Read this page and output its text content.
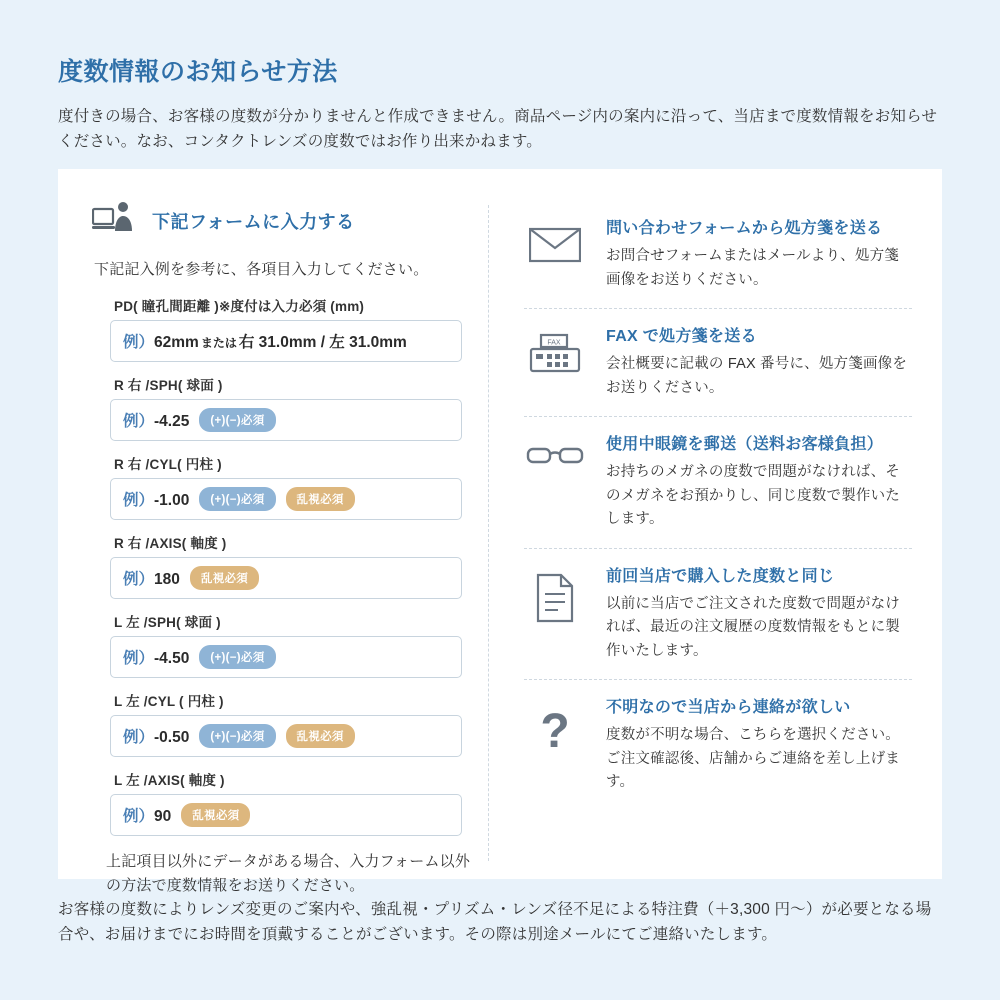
度数情報のお知らせ方法

度付きの場合、お客様の度数が分かりませんと作成できません。商品ページ内の案内に沿って、当店まで度数情報をお知らせください。なお、コンタクトレンズの度数ではお作り出来かねます。

下記フォームに入力する
下記記入例を参考に、各項目入力してください。
PD( 瞳孔間距離 )※度付は入力必須 (mm)
例）62mm または 右 31.0mm / 左 31.0mm
R 右 /SPH( 球面 )
例）-4.25	(+)(−)必須
R 右 /CYL( 円柱 )
例）-1.00	(+)(−)必須	乱視必須
R 右 /AXIS( 軸度 )
例）180	乱視必須
L 左 /SPH( 球面 )
例）-4.50	(+)(−)必須
L 左 /CYL ( 円柱 )
例）-0.50	(+)(−)必須	乱視必須
L 左 /AXIS( 軸度 )
例）90	乱視必須
上記項目以外にデータがある場合、入力フォーム以外の方法で度数情報をお送りください。
問い合わせフォームから処方箋を送る
お問合せフォームまたはメールより、処方箋画像をお送りください。
FAX	FAX で処方箋を送る
会社概要に記載の FAX 番号に、処方箋画像をお送りください。
使用中眼鏡を郵送（送料お客様負担）
お持ちのメガネの度数で問題がなければ、そのメガネをお預かりし、同じ度数で製作いたします。
前回当店で購入した度数と同じ
以前に当店でご注文された度数で問題がなければ、最近の注文履歴の度数情報をもとに製作いたします。
? 不明なので当店から連絡が欲しい
度数が不明な場合、こちらを選択ください。ご注文確認後、店舗からご連絡を差し上げます。

お客様の度数によりレンズ変更のご案内や、強乱視・プリズム・レンズ径不足による特注費（＋3,300 円〜）が必要となる場合や、お届けまでにお時間を頂戴することがございます。その際は別途メールにてご連絡いたします。
